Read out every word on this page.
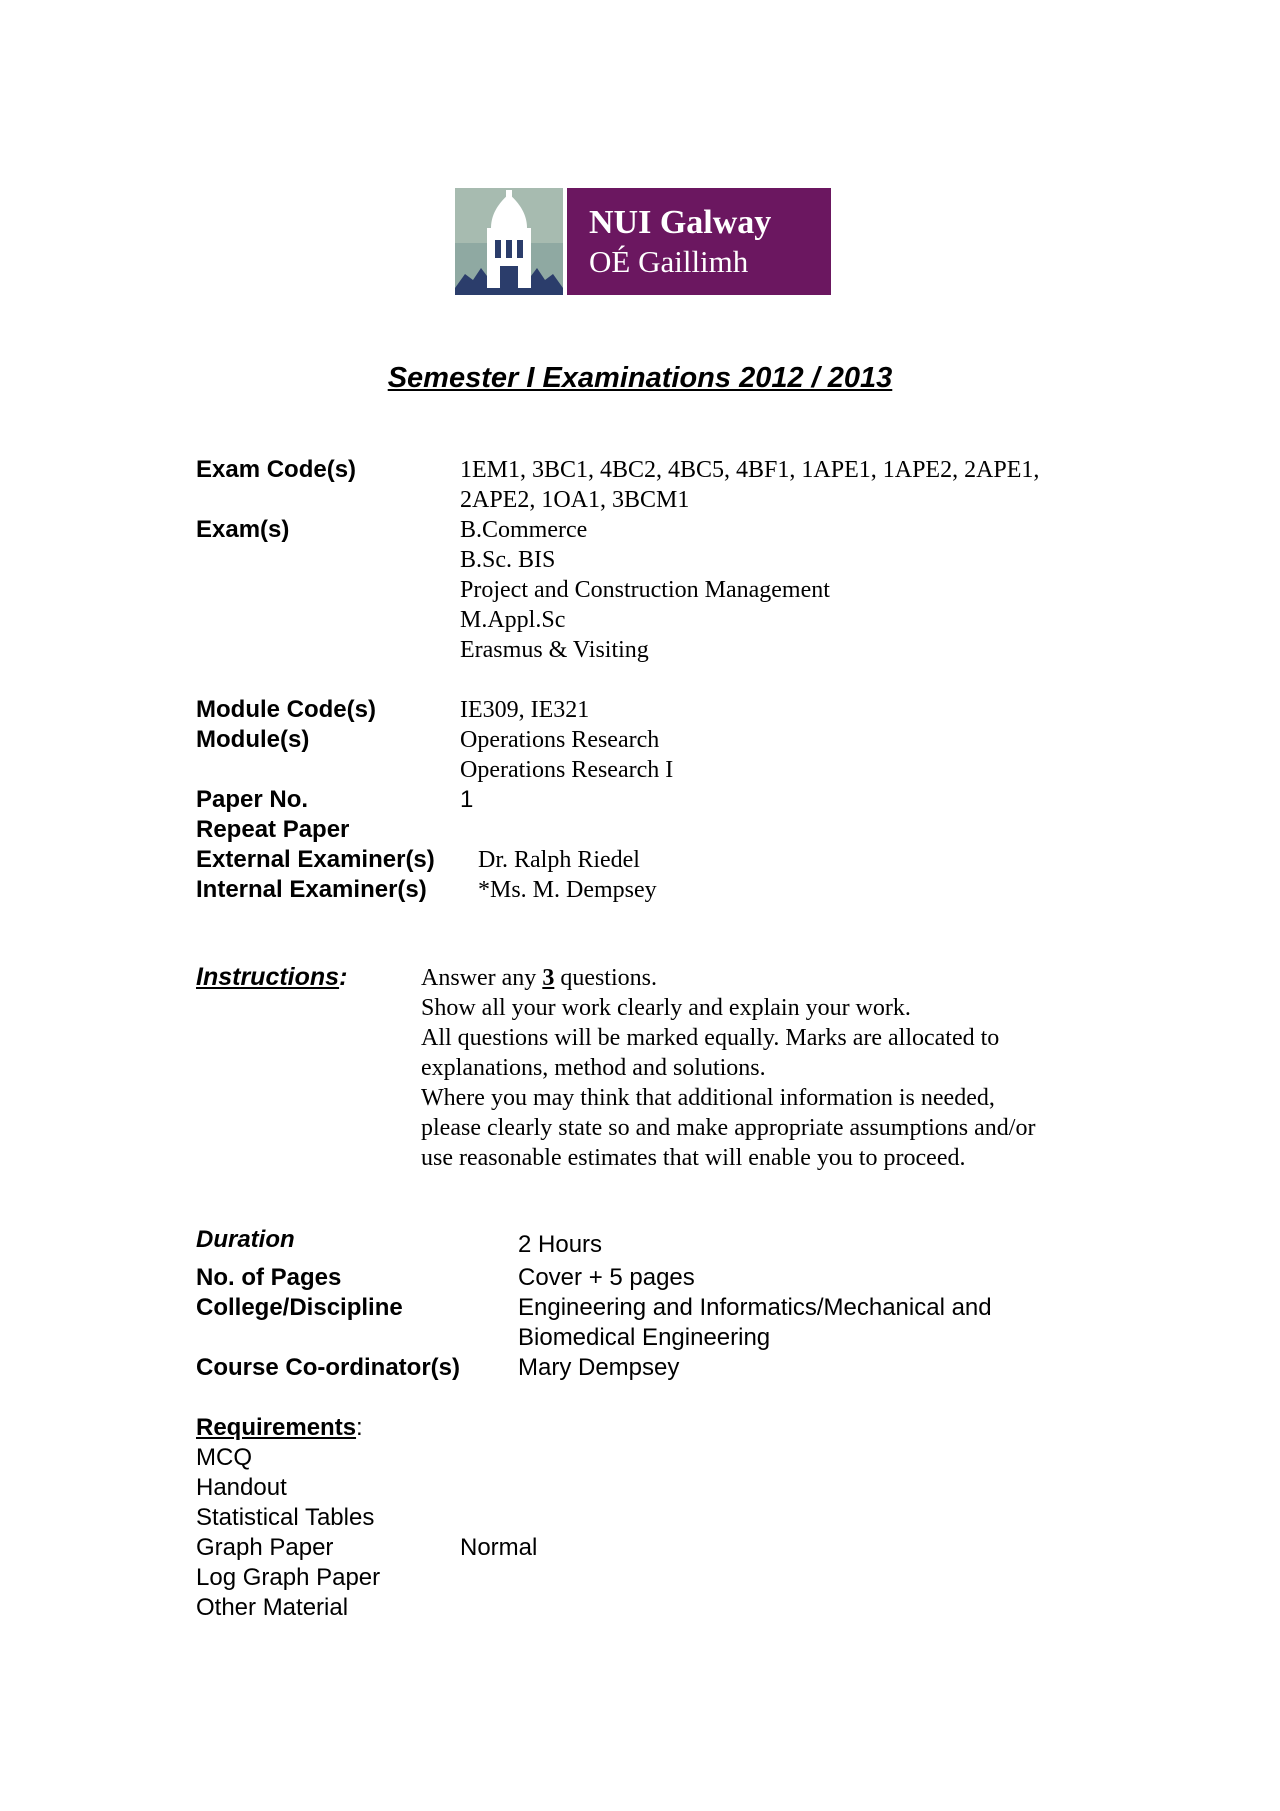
NUI Galway
OÉ Gaillimh
Semester I Examinations 2012 / 2013
Exam Code(s)	1EM1, 3BC1, 4BC2, 4BC5, 4BF1, 1APE1, 1APE2, 2APE1,
2APE2, 1OA1, 3BCM1
Exam(s)	B.Commerce
B.Sc. BIS
Project and Construction Management
M.Appl.Sc
Erasmus & Visiting
Module Code(s)	IE309, IE321
Module(s)	Operations Research
Operations Research I
Paper No.	1
Repeat Paper
External Examiner(s) Dr. Ralph Riedel
Internal Examiner(s) *Ms. M. Dempsey
Instructions:	Answer any 3 questions.
Show all your work clearly and explain your work.
All questions will be marked equally. Marks are allocated to
explanations, method and solutions.
Where you may think that additional information is needed,
please clearly state so and make appropriate assumptions and/or
use reasonable estimates that will enable you to proceed.
Duration	2 Hours
No. of Pages	Cover + 5 pages
College/Discipline	Engineering and Informatics/Mechanical and
Biomedical Engineering
Course Co-ordinator(s) Mary Dempsey
Requirements:
MCQ
Handout
Statistical Tables
Graph Paper	Normal
Log Graph Paper
Other Material
